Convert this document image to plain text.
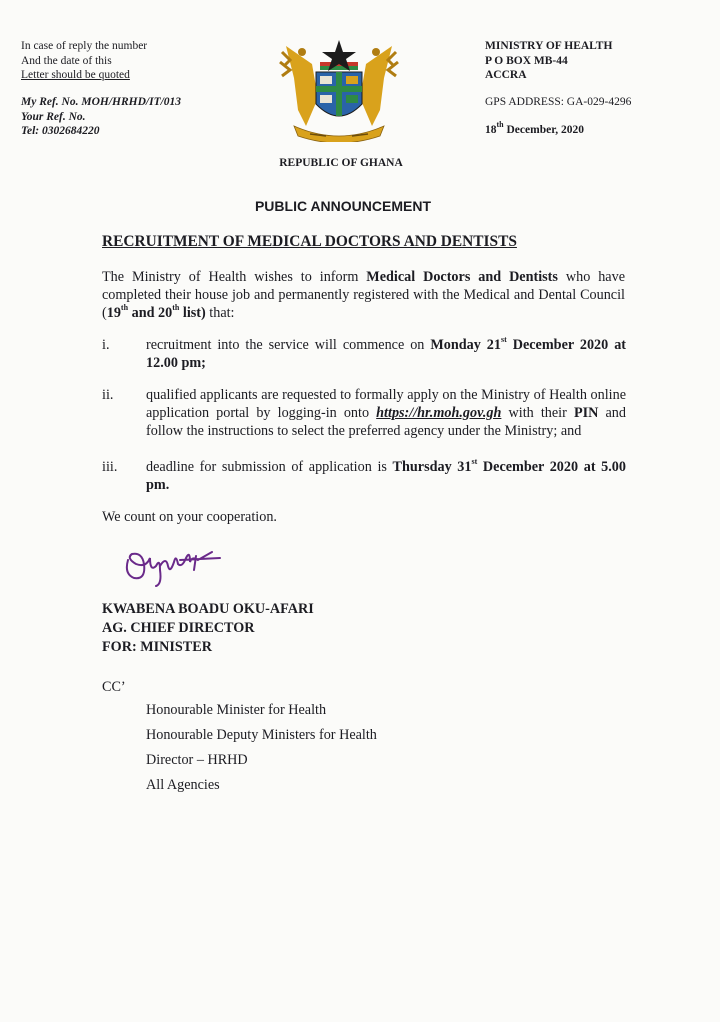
In case of reply the number
And the date of this
Letter should be quoted
My Ref. No. MOH/HRHD/IT/013
Your Ref. No.
Tel: 0302684220
MINISTRY OF HEALTH
P O BOX MB-44
ACCRA
GPS ADDRESS: GA-029-4296
18th December, 2020
REPUBLIC OF GHANA
PUBLIC ANNOUNCEMENT
RECRUITMENT OF MEDICAL DOCTORS AND DENTISTS
The Ministry of Health wishes to inform Medical Doctors and Dentists who have completed their house job and permanently registered with the Medical and Dental Council (19th and 20th list) that:
i.	recruitment into the service will commence on Monday 21st December 2020 at 12.00 pm;
ii. qualified applicants are requested to formally apply on the Ministry of Health online application portal by logging-in onto https://hr.moh.gov.gh with their PIN and follow the instructions to select the preferred agency under the Ministry; and
iii. deadline for submission of application is Thursday 31st December 2020 at 5.00 pm.
We count on your cooperation.
KWABENA BOADU OKU-AFARI
AG. CHIEF DIRECTOR
FOR: MINISTER
CC’
Honourable Minister for Health
Honourable Deputy Ministers for Health
Director – HRHD
All Agencies
